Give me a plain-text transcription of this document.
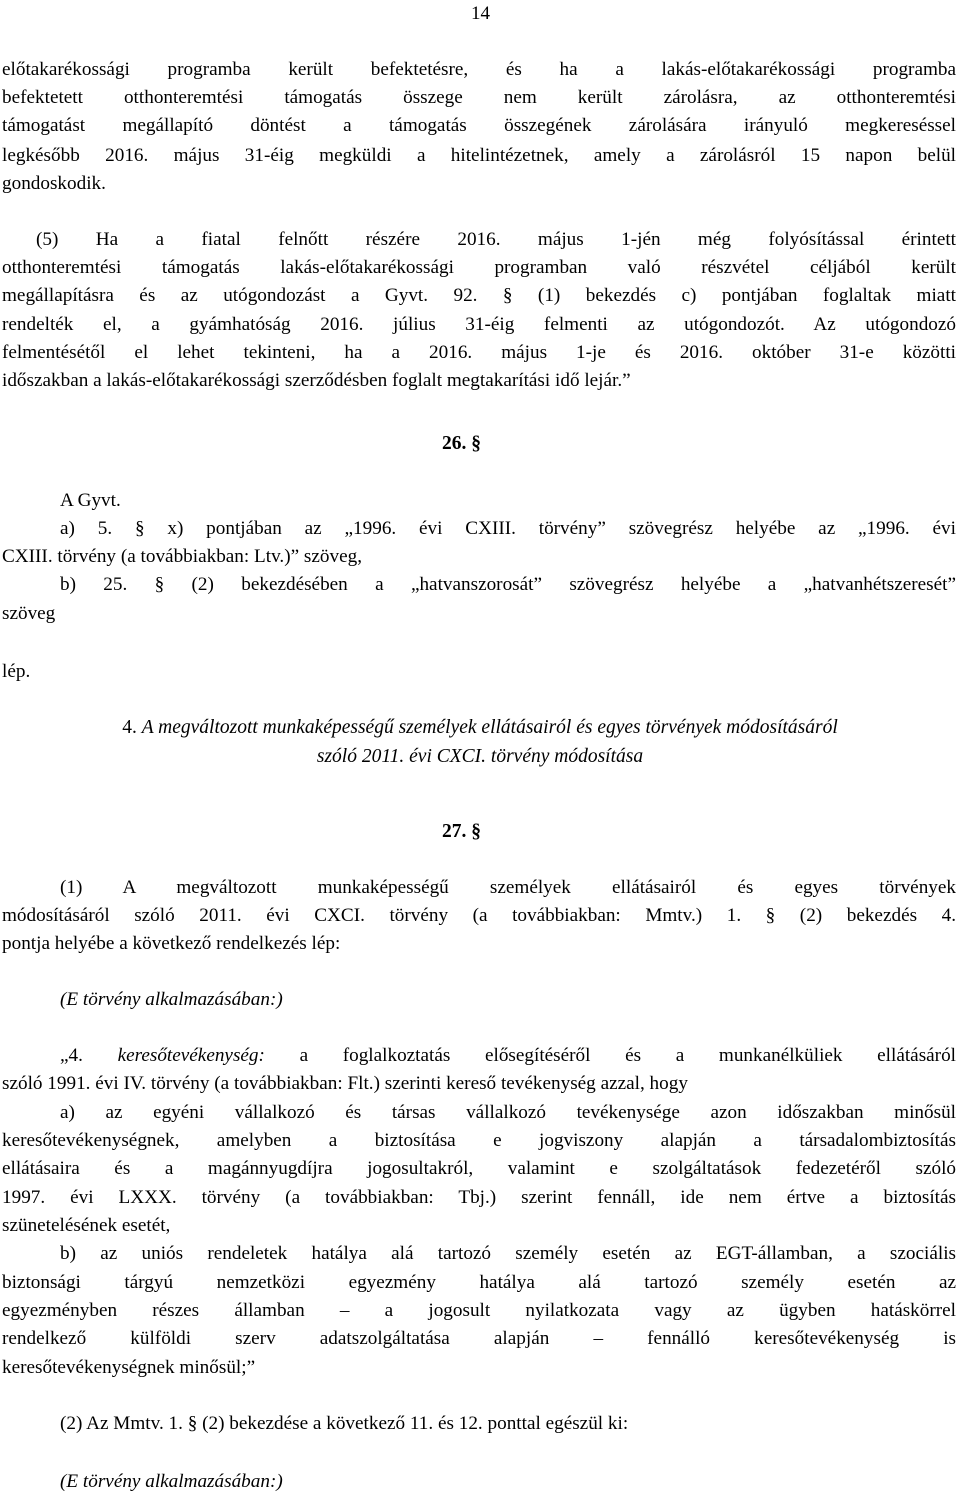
14
előtakarékossági programba került befektetésre, és ha a lakás-előtakarékossági programba
befektetett otthonteremtési támogatás összege nem került zárolásra, az otthonteremtési
támogatást megállapító döntést a támogatás összegének zárolására irányuló megkereséssel
legkésőbb 2016. május 31-éig megküldi a hitelintézetnek, amely a zárolásról 15 napon belül
gondoskodik.
(5) Ha a fiatal felnőtt részére 2016. május 1-jén még folyósítással érintett
otthonteremtési támogatás lakás-előtakarékossági programban való részvétel céljából került
megállapításra és az utógondozást a Gyvt. 92. § (1) bekezdés c) pontjában foglaltak miatt
rendelték el, a gyámhatóság 2016. július 31-éig felmenti az utógondozót. Az utógondozó
felmentésétől el lehet tekinteni, ha a 2016. május 1-je és 2016. október 31-e közötti
időszakban a lakás-előtakarékossági szerződésben foglalt megtakarítási idő lejár.”
A Gyvt.
a) 5. § x) pontjában az „1996. évi CXIII. törvény” szövegrész helyébe az „1996. évi
CXIII. törvény (a továbbiakban: Ltv.)” szöveg,
b) 25. § (2) bekezdésében a „hatvanszorosát” szövegrész helyébe a „hatvanhétszeresét”
szöveg
lép.
(1) A megváltozott munkaképességű személyek ellátásairól és egyes törvények
módosításáról szóló 2011. évi CXCI. törvény (a továbbiakban: Mmtv.) 1. § (2) bekezdés 4.
pontja helyébe a következő rendelkezés lép:
(E törvény alkalmazásában:)
szóló 1991. évi IV. törvény (a továbbiakban: Flt.) szerinti kereső tevékenység azzal, hogy
a) az egyéni vállalkozó és társas vállalkozó tevékenysége azon időszakban minősül
keresőtevékenységnek, amelyben a biztosítása e jogviszony alapján a társadalombiztosítás
ellátásaira és a magánnyugdíjra jogosultakról, valamint e szolgáltatások fedezetéről szóló
1997. évi LXXX. törvény (a továbbiakban: Tbj.) szerint fennáll, ide nem értve a biztosítás
szünetelésének esetét,
b) az uniós rendeletek hatálya alá tartozó személy esetén az EGT-államban, a szociális
biztonsági tárgyú nemzetközi egyezmény hatálya alá tartozó személy esetén az
egyezményben részes államban – a jogosult nyilatkozata vagy az ügyben hatáskörrel
rendelkező külföldi szerv adatszolgáltatása alapján – fennálló keresőtevékenység is
keresőtevékenységnek minősül;”
(2) Az Mmtv. 1. § (2) bekezdése a következő 11. és 12. ponttal egészül ki:
(E törvény alkalmazásában:)
26. §
4. A megváltozott munkaképességű személyek ellátásairól és egyes törvények módosításáról
szóló 2011. évi CXCI. törvény módosítása
27. §
„4. keresőtevékenység: a foglalkoztatás elősegítéséről és a munkanélküliek ellátásáról
